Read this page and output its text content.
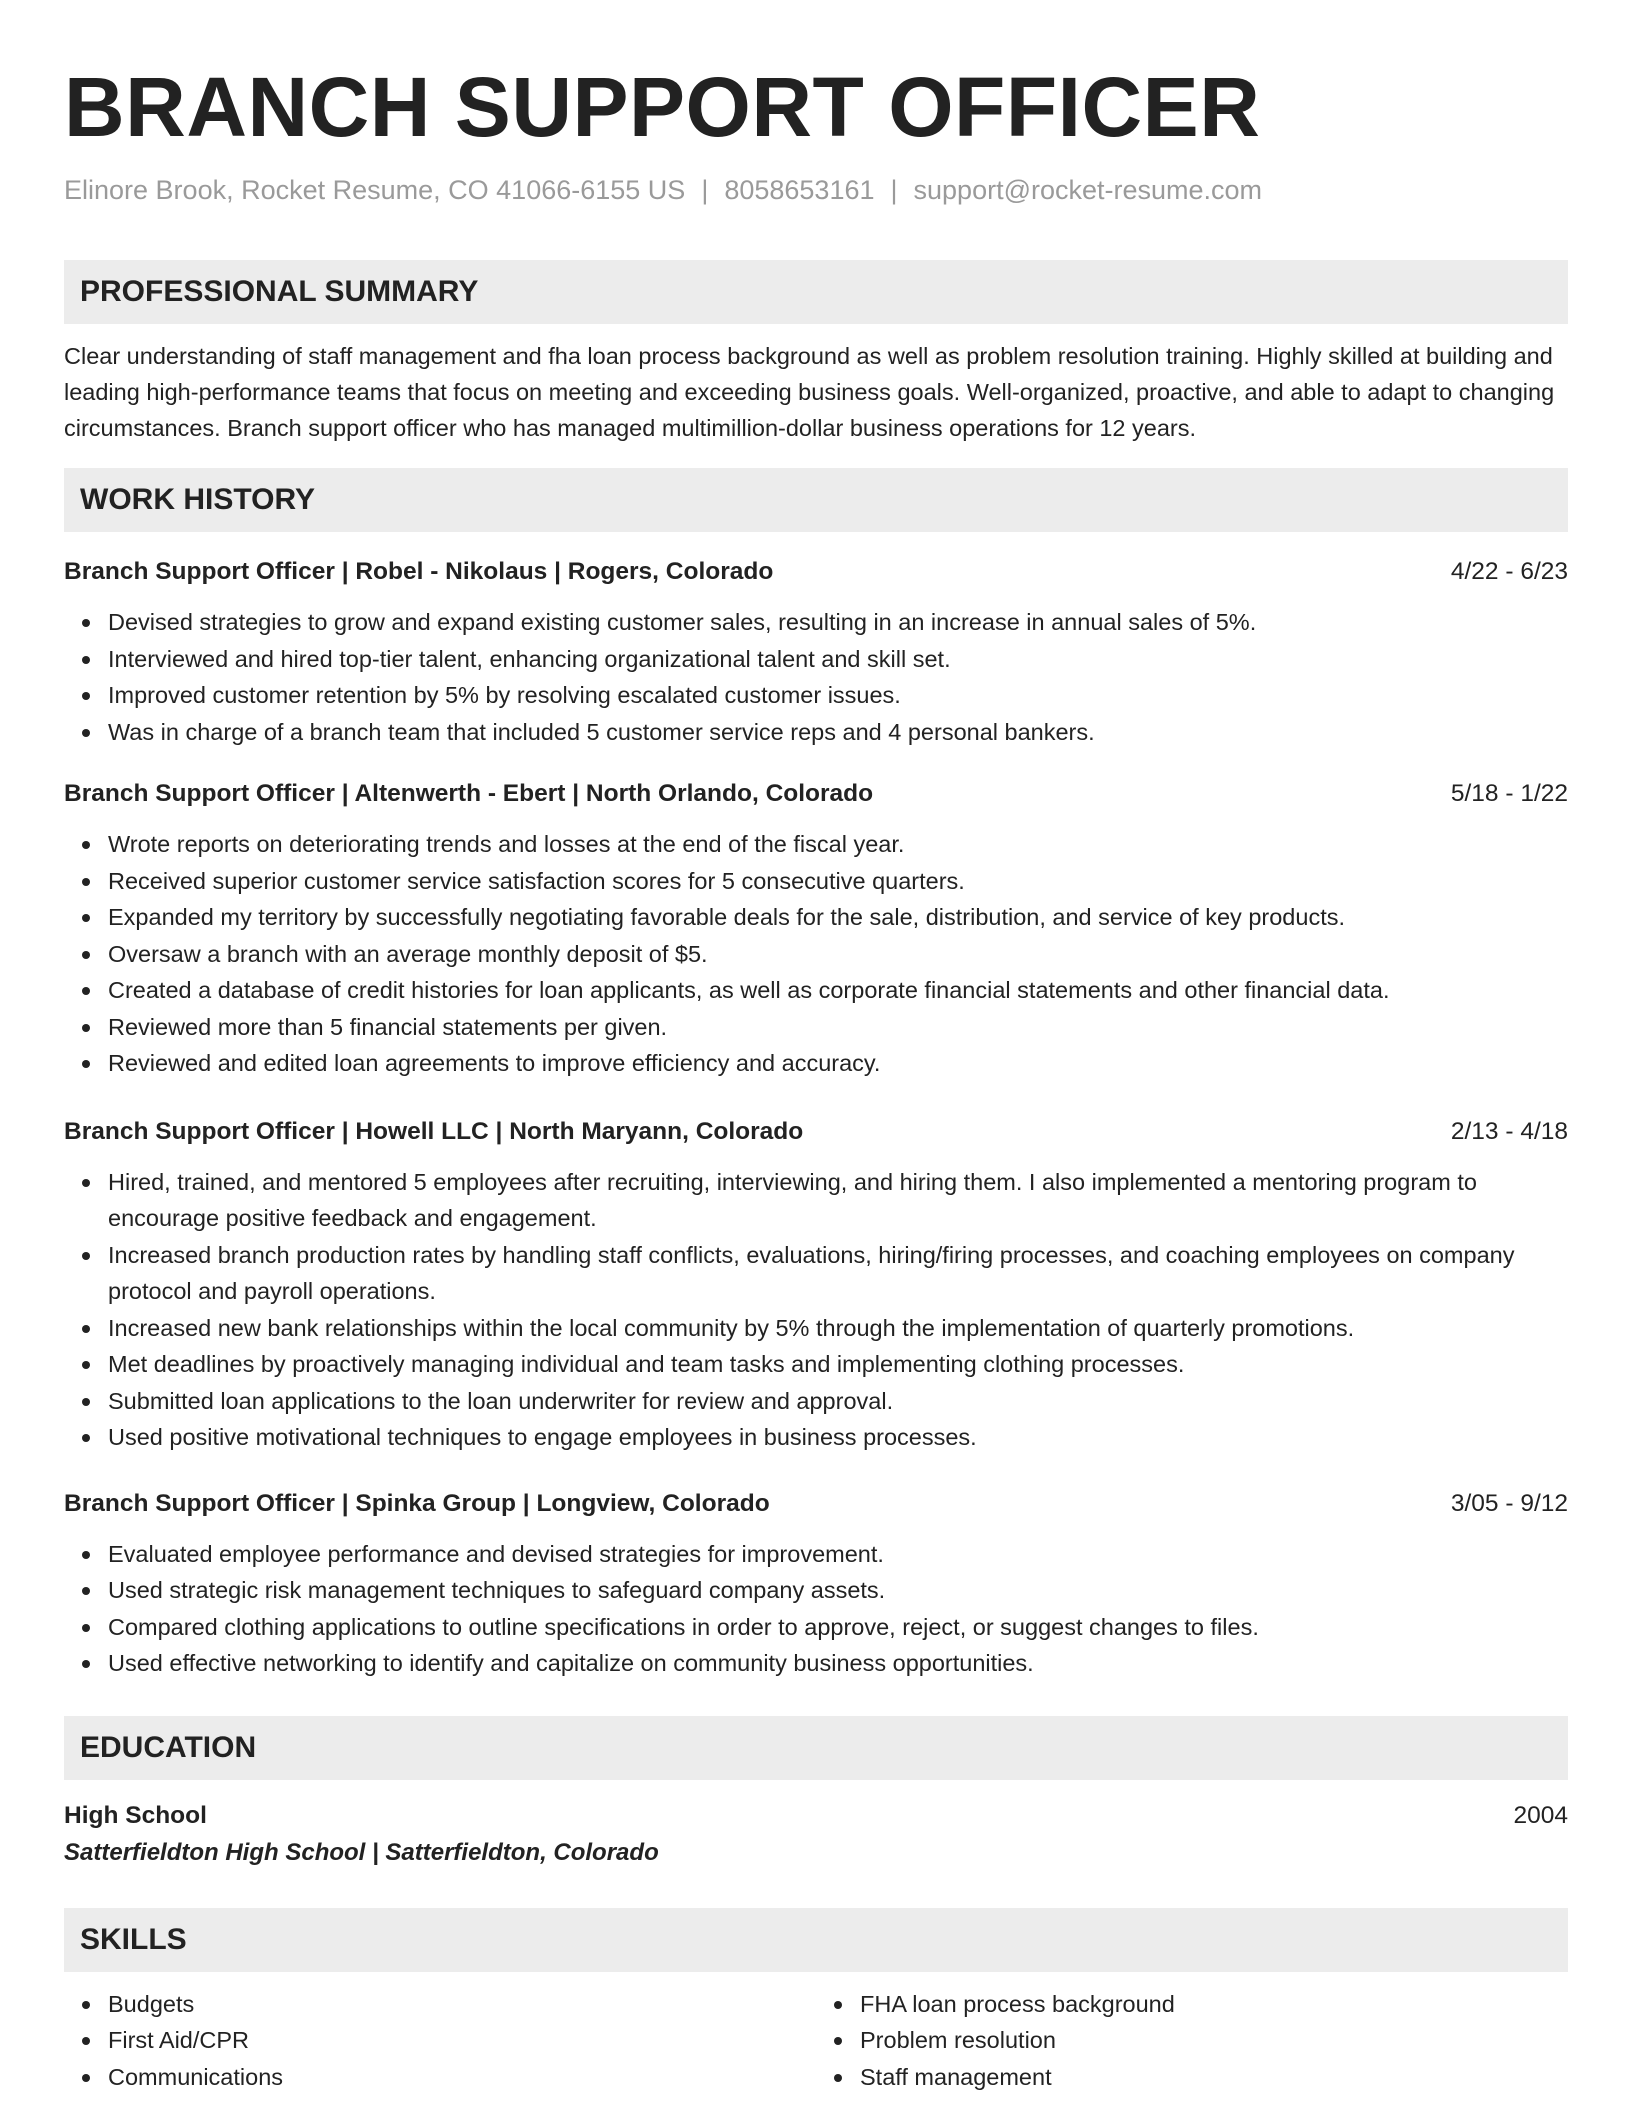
BRANCH SUPPORT OFFICER
Elinore Brook, Rocket Resume, CO 41066-6155 US | 8058653161 | support@rocket-resume.com
PROFESSIONAL SUMMARY

Clear understanding of staff management and fha loan process background as well as problem resolution training. Highly skilled at building and leading high-performance teams that focus on meeting and exceeding business goals. Well-organized, proactive, and able to adapt to changing circumstances. Branch support officer who has managed multimillion-dollar business operations for 12 years.

WORK HISTORY
Branch Support Officer | Robel - Nikolaus | Rogers, Colorado	4/22 - 6/23
Devised strategies to grow and expand existing customer sales, resulting in an increase in annual sales of 5%.
Interviewed and hired top-tier talent, enhancing organizational talent and skill set.
Improved customer retention by 5% by resolving escalated customer issues.
Was in charge of a branch team that included 5 customer service reps and 4 personal bankers.
Branch Support Officer | Altenwerth - Ebert | North Orlando, Colorado	5/18 - 1/22
Wrote reports on deteriorating trends and losses at the end of the fiscal year.
Received superior customer service satisfaction scores for 5 consecutive quarters.
Expanded my territory by successfully negotiating favorable deals for the sale, distribution, and service of key products.
Oversaw a branch with an average monthly deposit of $5.
Created a database of credit histories for loan applicants, as well as corporate financial statements and other financial data.
Reviewed more than 5 financial statements per given.
Reviewed and edited loan agreements to improve efficiency and accuracy.
Branch Support Officer | Howell LLC | North Maryann, Colorado	2/13 - 4/18
Hired, trained, and mentored 5 employees after recruiting, interviewing, and hiring them. I also implemented a mentoring program to encourage positive feedback and engagement.
Increased branch production rates by handling staff conflicts, evaluations, hiring/firing processes, and coaching employees on company protocol and payroll operations.
Increased new bank relationships within the local community by 5% through the implementation of quarterly promotions.
Met deadlines by proactively managing individual and team tasks and implementing clothing processes.
Submitted loan applications to the loan underwriter for review and approval.
Used positive motivational techniques to engage employees in business processes.
Branch Support Officer | Spinka Group | Longview, Colorado	3/05 - 9/12
Evaluated employee performance and devised strategies for improvement.
Used strategic risk management techniques to safeguard company assets.
Compared clothing applications to outline specifications in order to approve, reject, or suggest changes to files.
Used effective networking to identify and capitalize on community business opportunities.
EDUCATION
High School	2004
Satterfieldton High School | Satterfieldton, Colorado
SKILLS
Budgets
First Aid/CPR
Communications
FHA loan process background
Problem resolution
Staff management
